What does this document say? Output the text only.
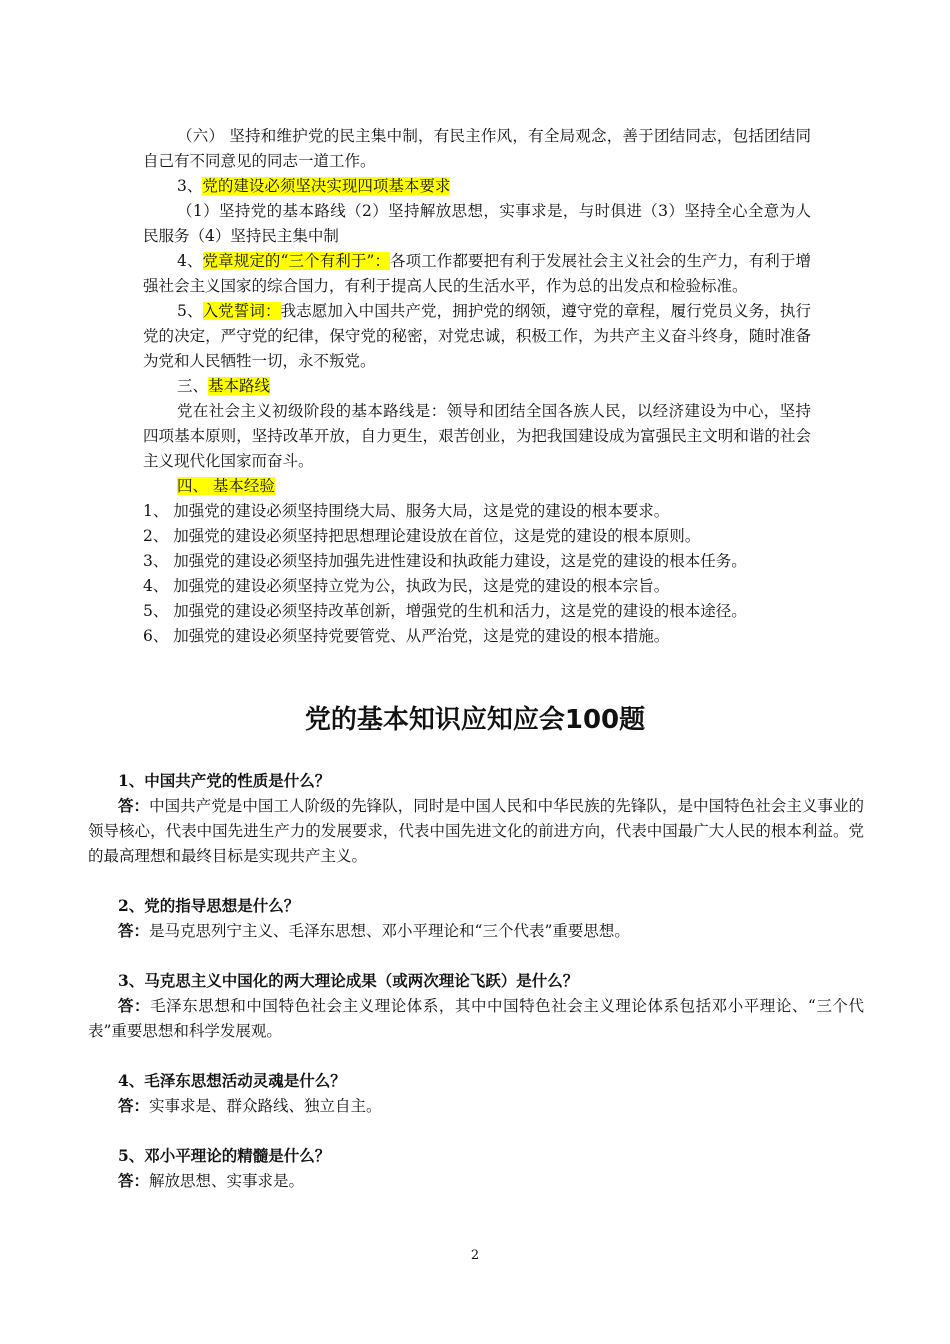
（六） 坚持和维护党的民主集中制，有民主作风，有全局观念，善于团结同志，包括团结同自己有不同意见的同志一道工作。

3、党的建设必须坚决实现四项基本要求

（1）坚持党的基本路线（2）坚持解放思想，实事求是，与时俱进（3）坚持全心全意为人民服务（4）坚持民主集中制

4、党章规定的“三个有利于”：各项工作都要把有利于发展社会主义社会的生产力，有利于增强社会主义国家的综合国力，有利于提高人民的生活水平，作为总的出发点和检验标准。

5、入党誓词：我志愿加入中国共产党，拥护党的纲领，遵守党的章程，履行党员义务，执行党的决定，严守党的纪律，保守党的秘密，对党忠诚，积极工作，为共产主义奋斗终身，随时准备为党和人民牺牲一切，永不叛党。

三、基本路线

党在社会主义初级阶段的基本路线是：领导和团结全国各族人民，以经济建设为中心，坚持四项基本原则，坚持改革开放，自力更生，艰苦创业，为把我国建设成为富强民主文明和谐的社会主义现代化国家而奋斗。

四、 基本经验

1、 加强党的建设必须坚持围绕大局、服务大局，这是党的建设的根本要求。

2、 加强党的建设必须坚持把思想理论建设放在首位，这是党的建设的根本原则。

3、 加强党的建设必须坚持加强先进性建设和执政能力建设，这是党的建设的根本任务。

4、 加强党的建设必须坚持立党为公，执政为民，这是党的建设的根本宗旨。

5、 加强党的建设必须坚持改革创新，增强党的生机和活力，这是党的建设的根本途径。

6、 加强党的建设必须坚持党要管党、从严治党，这是党的建设的根本措施。

党的基本知识应知应会100题

1、中国共产党的性质是什么？

答：中国共产党是中国工人阶级的先锋队，同时是中国人民和中华民族的先锋队，是中国特色社会主义事业的领导核心，代表中国先进生产力的发展要求，代表中国先进文化的前进方向，代表中国最广大人民的根本利益。党的最高理想和最终目标是实现共产主义。

2、党的指导思想是什么？

答：是马克思列宁主义、毛泽东思想、邓小平理论和“三个代表”重要思想。

3、马克思主义中国化的两大理论成果（或两次理论飞跃）是什么？

答：毛泽东思想和中国特色社会主义理论体系，其中中国特色社会主义理论体系包括邓小平理论、“三个代表”重要思想和科学发展观。

4、毛泽东思想活动灵魂是什么？

答：实事求是、群众路线、独立自主。

5、邓小平理论的精髓是什么？

答：解放思想、实事求是。

2
